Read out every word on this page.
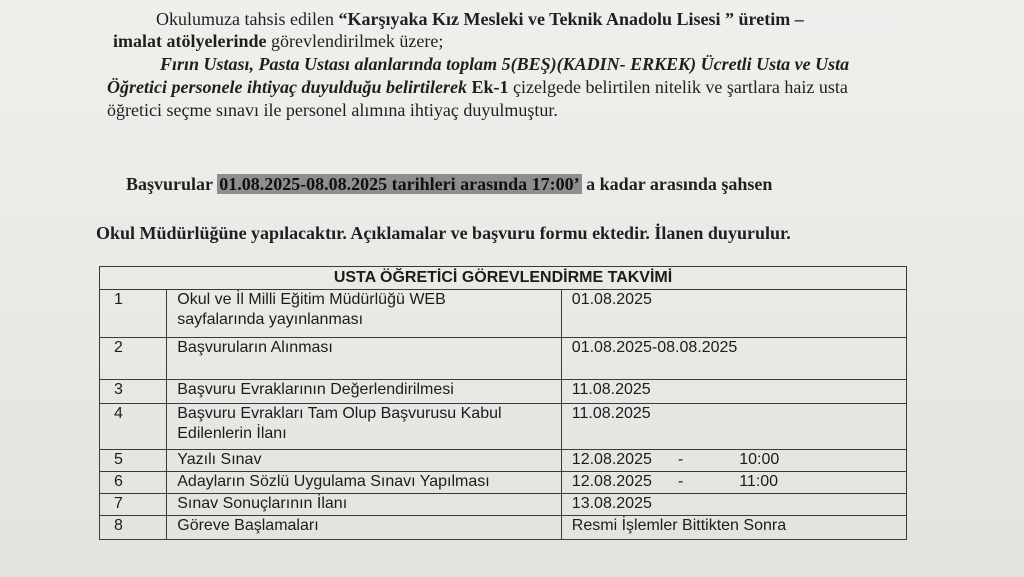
Okulumuza tahsis edilen “Karşıyaka Kız Mesleki ve Teknik Anadolu Lisesi ” üretim –
imalat atölyelerinde görevlendirilmek üzere;
Fırın Ustası, Pasta Ustası alanlarında toplam 5(BEŞ)(KADIN- ERKEK) Ücretli Usta ve Usta
Öğretici personele ihtiyaç duyulduğu belirtilerek Ek-1 çizelgede belirtilen nitelik ve şartlara haiz usta
öğretici seçme sınavı ile personel alımına ihtiyaç duyulmuştur.
Başvurular 01.08.2025-08.08.2025 tarihleri arasında 17:00’ a kadar arasında şahsen
Okul Müdürlüğüne yapılacaktır. Açıklamalar ve başvuru formu ektedir. İlanen duyurulur.
USTA ÖĞRETİCİ GÖREVLENDİRME TAKVİMİ		
1	Okul ve İl Milli Eğitim Müdürlüğü WEB
sayfalarında yayınlanması	01.08.2025
2	Başvuruların Alınması	01.08.2025-08.08.2025
3	Başvuru Evraklarının Değerlendirilmesi	11.08.2025
4	Başvuru Evrakları Tam Olup Başvurusu Kabul
Edilenlerin İlanı	11.08.2025
5	Yazılı Sınav	12.08.2025 - 10:00
6	Adayların Sözlü Uygulama Sınavı Yapılması	12.08.2025 - 11:00
7	Sınav Sonuçlarının İlanı	13.08.2025
8	Göreve Başlamaları	Resmi İşlemler Bittikten Sonra
